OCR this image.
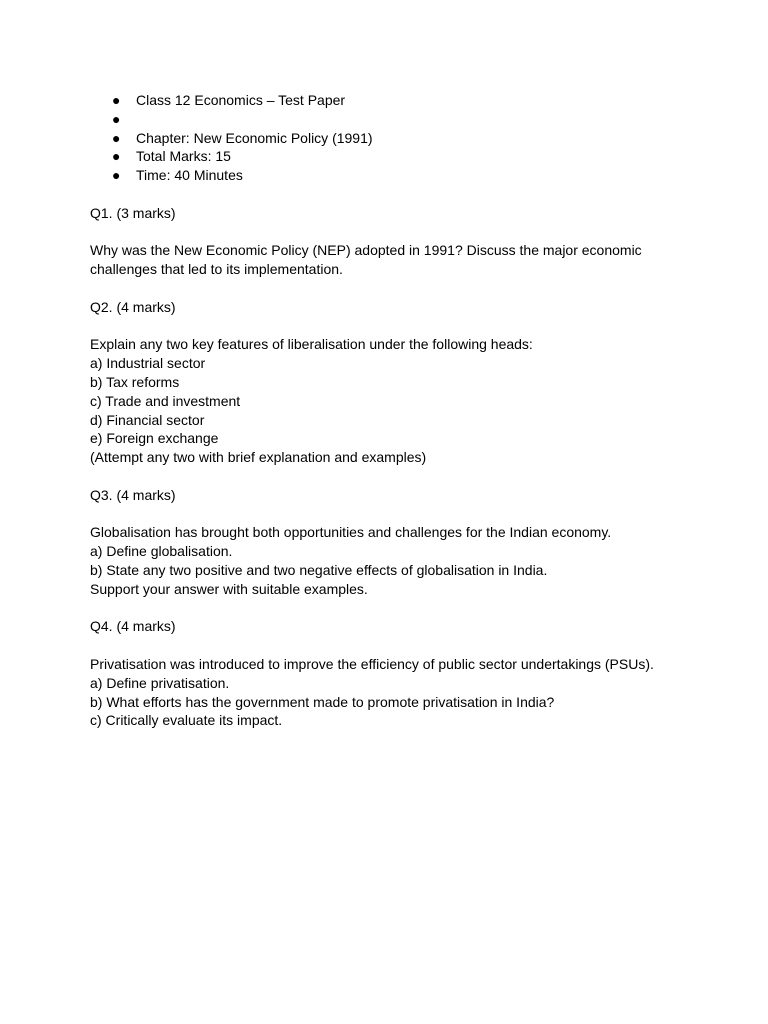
● Class 12 Economics – Test Paper
●
● Chapter: New Economic Policy (1991)
● Total Marks: 15
● Time: 40 Minutes

Q1. (3 marks)

Why was the New Economic Policy (NEP) adopted in 1991? Discuss the major economic
challenges that led to its implementation.

Q2. (4 marks)

Explain any two key features of liberalisation under the following heads:
a) Industrial sector
b) Tax reforms
c) Trade and investment
d) Financial sector
e) Foreign exchange
(Attempt any two with brief explanation and examples)

Q3. (4 marks)

Globalisation has brought both opportunities and challenges for the Indian economy.
a) Define globalisation.
b) State any two positive and two negative effects of globalisation in India.
Support your answer with suitable examples.

Q4. (4 marks)

Privatisation was introduced to improve the efficiency of public sector undertakings (PSUs).
a) Define privatisation.
b) What efforts has the government made to promote privatisation in India?
c) Critically evaluate its impact.
